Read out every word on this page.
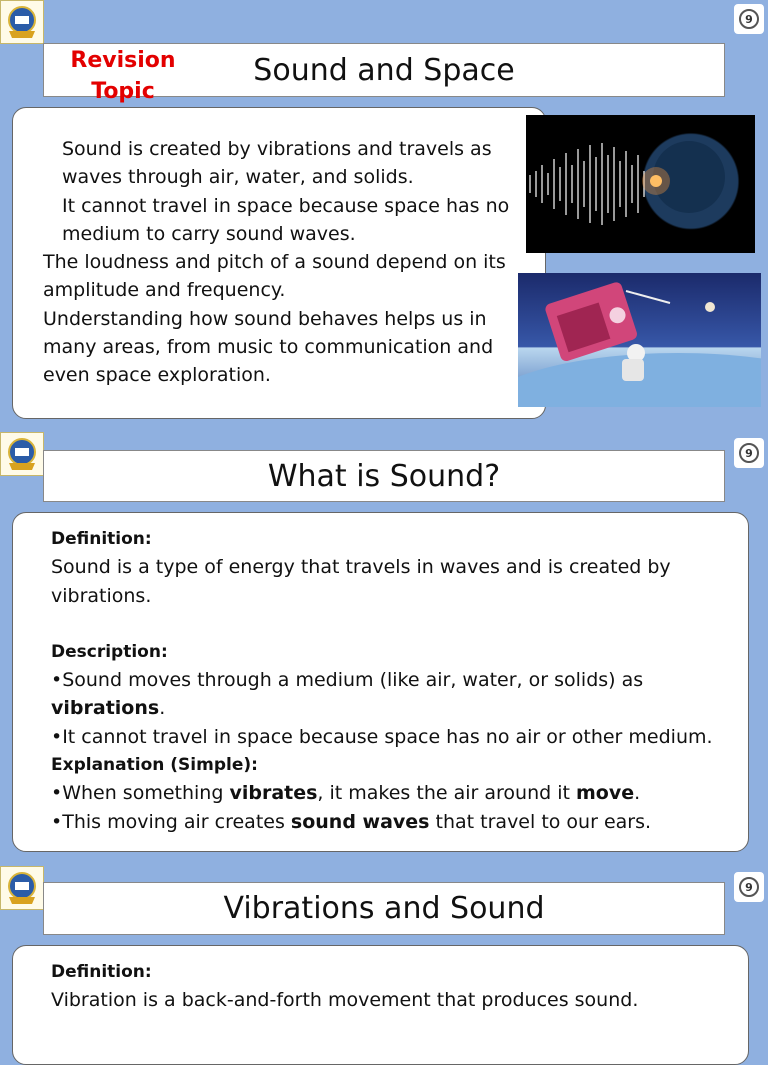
9
Revision Topic
Sound and Space

Sound is created by vibrations and travels as waves through air, water, and solids.

It cannot travel in space because space has no medium to carry sound waves.

The loudness and pitch of a sound depend on its amplitude and frequency.

Understanding how sound behaves helps us in many areas, from music to communication and even space exploration.

9
What is Sound?

Definition:

Sound is a type of energy that travels in waves and is created by vibrations.

Description:

•Sound moves through a medium (like air, water, or solids) as vibrations.

•It cannot travel in space because space has no air or other medium.

Explanation (Simple):

•When something vibrates, it makes the air around it move.

•This moving air creates sound waves that travel to our ears.

9
Vibrations and Sound

Definition:

Vibration is a back-and-forth movement that produces sound.
